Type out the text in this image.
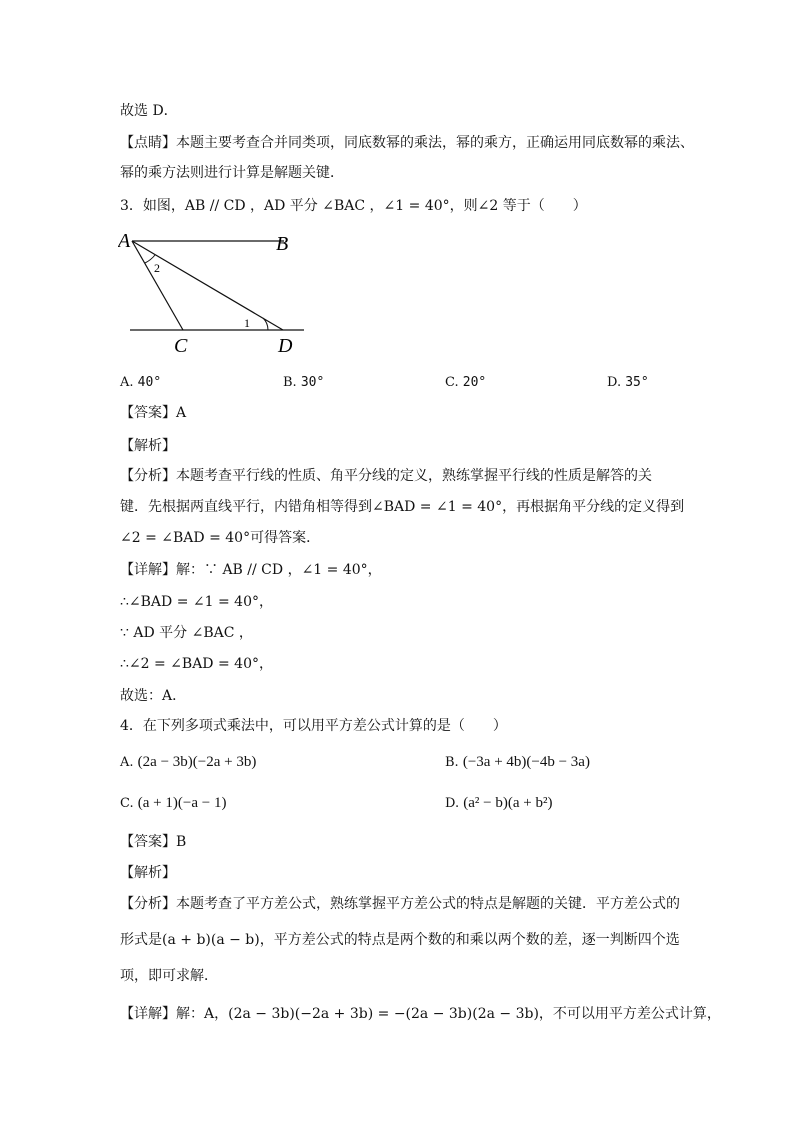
故选 D．
【点睛】本题主要考查合并同类项，同底数幂的乘法，幂的乘方，正确运用同底数幂的乘法、
幂的乘方法则进行计算是解题关键．
3．如图，AB // CD ，AD 平分 ∠BAC ，∠1 = 40°，则∠2 等于（　　）
A	B
C	D
2
1
A. 40°	B. 30°	C. 20°	D. 35°
【答案】A
【解析】
【分析】本题考查平行线的性质、角平分线的定义，熟练掌握平行线的性质是解答的关
键．先根据两直线平行，内错角相等得到∠BAD = ∠1 = 40°，再根据角平分线的定义得到
∠2 = ∠BAD = 40°可得答案．
【详解】解：∵ AB // CD ，∠1 = 40°，
∴∠BAD = ∠1 = 40°，
∵ AD 平分 ∠BAC ，
∴∠2 = ∠BAD = 40°，
故选：A．
4．在下列多项式乘法中，可以用平方差公式计算的是（　　）
A. (2a − 3b)(−2a + 3b)	B. (−3a + 4b)(−4b − 3a)
C. (a + 1)(−a − 1)	D. (a² − b)(a + b²)
【答案】B
【解析】
【分析】本题考查了平方差公式，熟练掌握平方差公式的特点是解题的关键．平方差公式的
形式是(a + b)(a − b)，平方差公式的特点是两个数的和乘以两个数的差，逐一判断四个选
项，即可求解．
【详解】解：A，(2a − 3b)(−2a + 3b) = −(2a − 3b)(2a − 3b)，不可以用平方差公式计算，
